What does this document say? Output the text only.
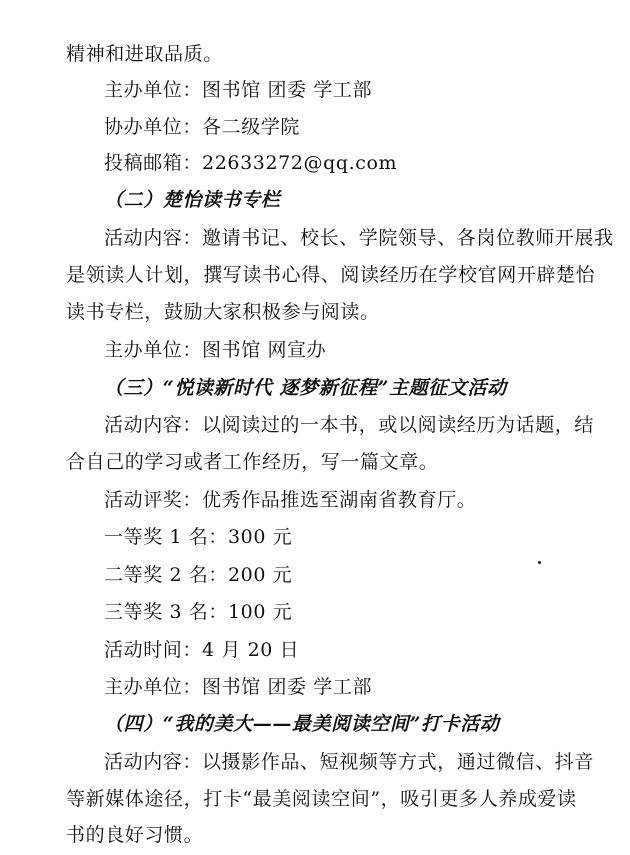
精神和进取品质。
主办单位：图书馆 团委 学工部
协办单位：各二级学院
投稿邮箱：22633272@qq.com
（二）楚怡读书专栏
活动内容：邀请书记、校长、学院领导、各岗位教师开展我
是领读人计划，撰写读书心得、阅读经历在学校官网开辟楚怡
读书专栏，鼓励大家积极参与阅读。
主办单位：图书馆 网宣办
（三）“悦读新时代 逐梦新征程”主题征文活动
活动内容：以阅读过的一本书，或以阅读经历为话题，结
合自己的学习或者工作经历，写一篇文章。
活动评奖：优秀作品推选至湖南省教育厅。
一等奖 1 名：300 元
二等奖 2 名：200 元
三等奖 3 名：100 元
活动时间：4 月 20 日
主办单位：图书馆 团委 学工部
（四）“我的美大——最美阅读空间”打卡活动
活动内容：以摄影作品、短视频等方式，通过微信、抖音
等新媒体途径，打卡“最美阅读空间”，吸引更多人养成爱读
书的良好习惯。
